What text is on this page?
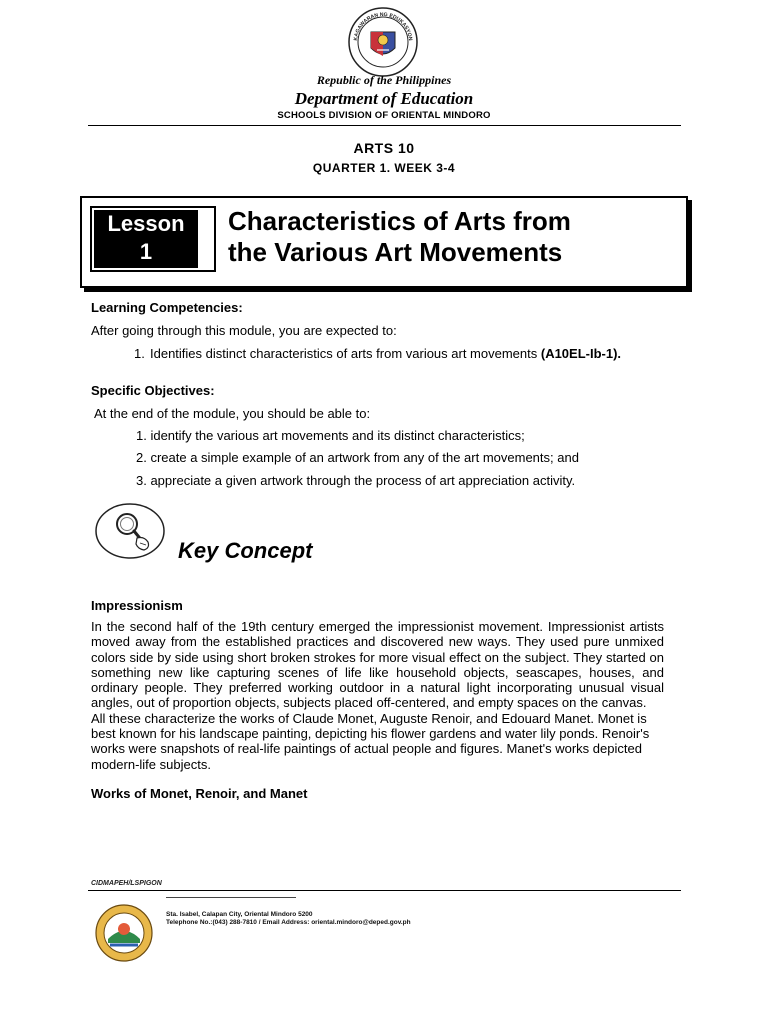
KAGAWARAN NG EDUKASYON
Republic of the Philippines
Department of Education
SCHOOLS DIVISION OF ORIENTAL MINDORO
ARTS 10
QUARTER 1. WEEK 3-4
Lesson
1
Characteristics of Arts from
the Various Art Movements
Learning Competencies:
After going through this module, you are expected to:
1. Identifies distinct characteristics of arts from various art movements (A10EL-Ib-1).
Specific Objectives:
At the end of the module, you should be able to:
1. identify the various art movements and its distinct characteristics;
2. create a simple example of an artwork from any of the art movements; and
3. appreciate a given artwork through the process of art appreciation activity.
Key Concept
Impressionism

In the second half of the 19th century emerged the impressionist movement. Impressionist artists moved away from the established practices and discovered new ways. They used pure unmixed colors side by side using short broken strokes for more visual effect on the subject. They started on something new like capturing scenes of life like household objects, seascapes, houses, and ordinary people. They preferred working outdoor in a natural light incorporating unusual visual angles, out of proportion objects, subjects placed off-centered, and empty spaces on the canvas.

All these characterize the works of Claude Monet, Auguste Renoir, and Edouard Manet. Monet is best known for his landscape painting, depicting his flower gardens and water lily ponds. Renoir's works were snapshots of real-life paintings of actual people and figures. Manet's works depicted modern-life subjects.

Works of Monet, Renoir, and Manet
CIDMAPEH/LSPIGON
Sta. Isabel, Calapan City, Oriental Mindoro 5200
Telephone No.:(043) 288-7810 / Email Address: oriental.mindoro@deped.gov.ph
